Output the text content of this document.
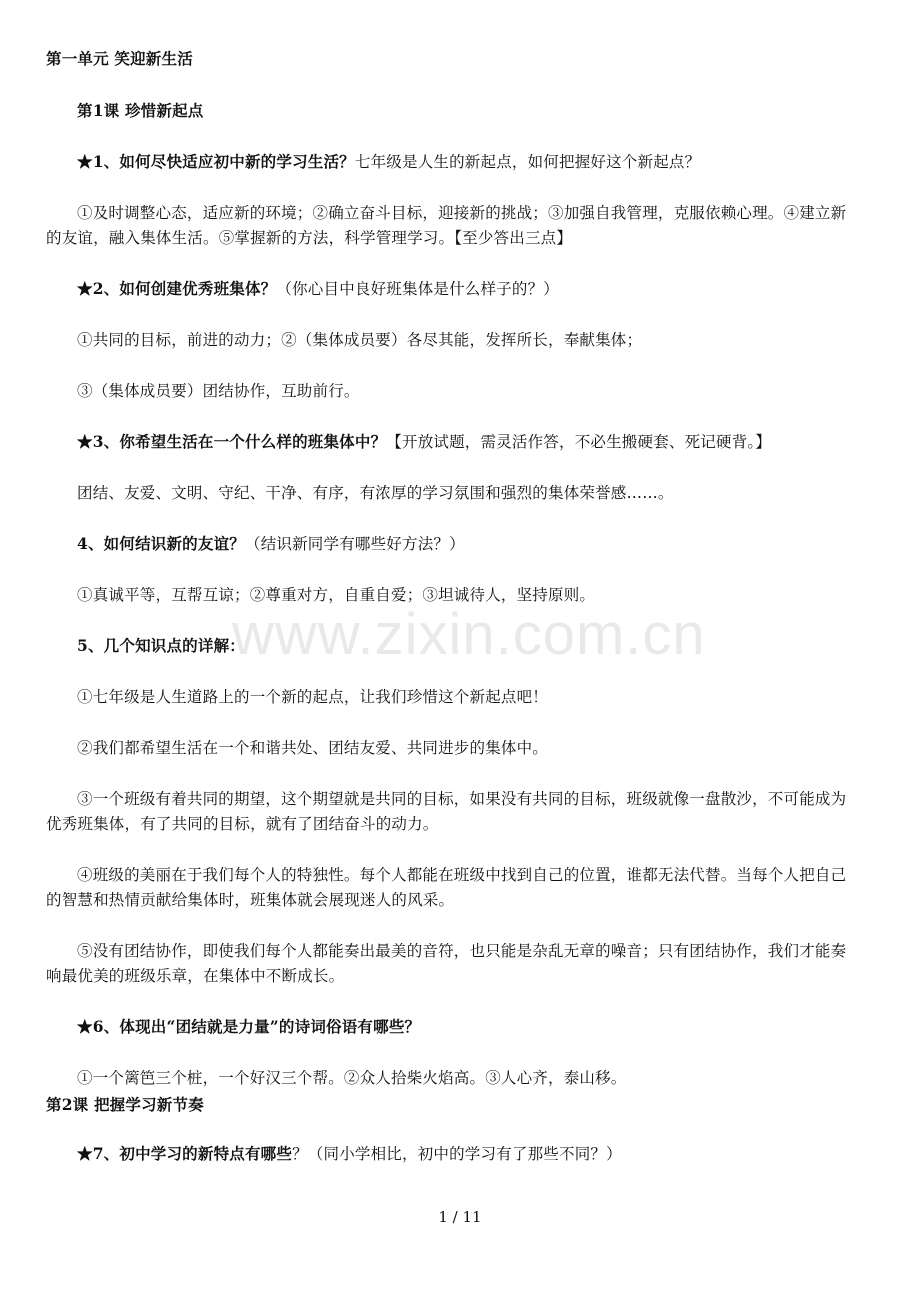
第一单元 笑迎新生活
第1课 珍惜新起点
★1、如何尽快适应初中新的学习生活？七年级是人生的新起点，如何把握好这个新起点？
①及时调整心态，适应新的环境；②确立奋斗目标，迎接新的挑战；③加强自我管理，克服依赖心理。④建立新
的友谊，融入集体生活。⑤掌握新的方法，科学管理学习。【至少答出三点】
★2、如何创建优秀班集体？（你心目中良好班集体是什么样子的？）
①共同的目标，前进的动力；②（集体成员要）各尽其能，发挥所长，奉献集体；
③（集体成员要）团结协作，互助前行。
★3、你希望生活在一个什么样的班集体中？【开放试题，需灵活作答，不必生搬硬套、死记硬背。】
团结、友爱、文明、守纪、干净、有序，有浓厚的学习氛围和强烈的集体荣誉感……。
4、如何结识新的友谊？（结识新同学有哪些好方法？）
①真诚平等，互帮互谅；②尊重对方，自重自爱；③坦诚待人，坚持原则。
5、几个知识点的详解：
①七年级是人生道路上的一个新的起点，让我们珍惜这个新起点吧！
②我们都希望生活在一个和谐共处、团结友爱、共同进步的集体中。
③一个班级有着共同的期望，这个期望就是共同的目标，如果没有共同的目标，班级就像一盘散沙，不可能成为
优秀班集体，有了共同的目标，就有了团结奋斗的动力。
④班级的美丽在于我们每个人的特独性。每个人都能在班级中找到自己的位置，谁都无法代替。当每个人把自己
的智慧和热情贡献给集体时，班集体就会展现迷人的风采。
⑤没有团结协作，即使我们每个人都能奏出最美的音符，也只能是杂乱无章的噪音；只有团结协作，我们才能奏
响最优美的班级乐章，在集体中不断成长。
★6、体现出“团结就是力量”的诗词俗语有哪些？
①一个篱笆三个桩，一个好汉三个帮。②众人拾柴火焰高。③人心齐，泰山移。
第2课 把握学习新节奏
★7、初中学习的新特点有哪些？（同小学相比，初中的学习有了那些不同？）
www.zixin.com.cn
1 / 11
